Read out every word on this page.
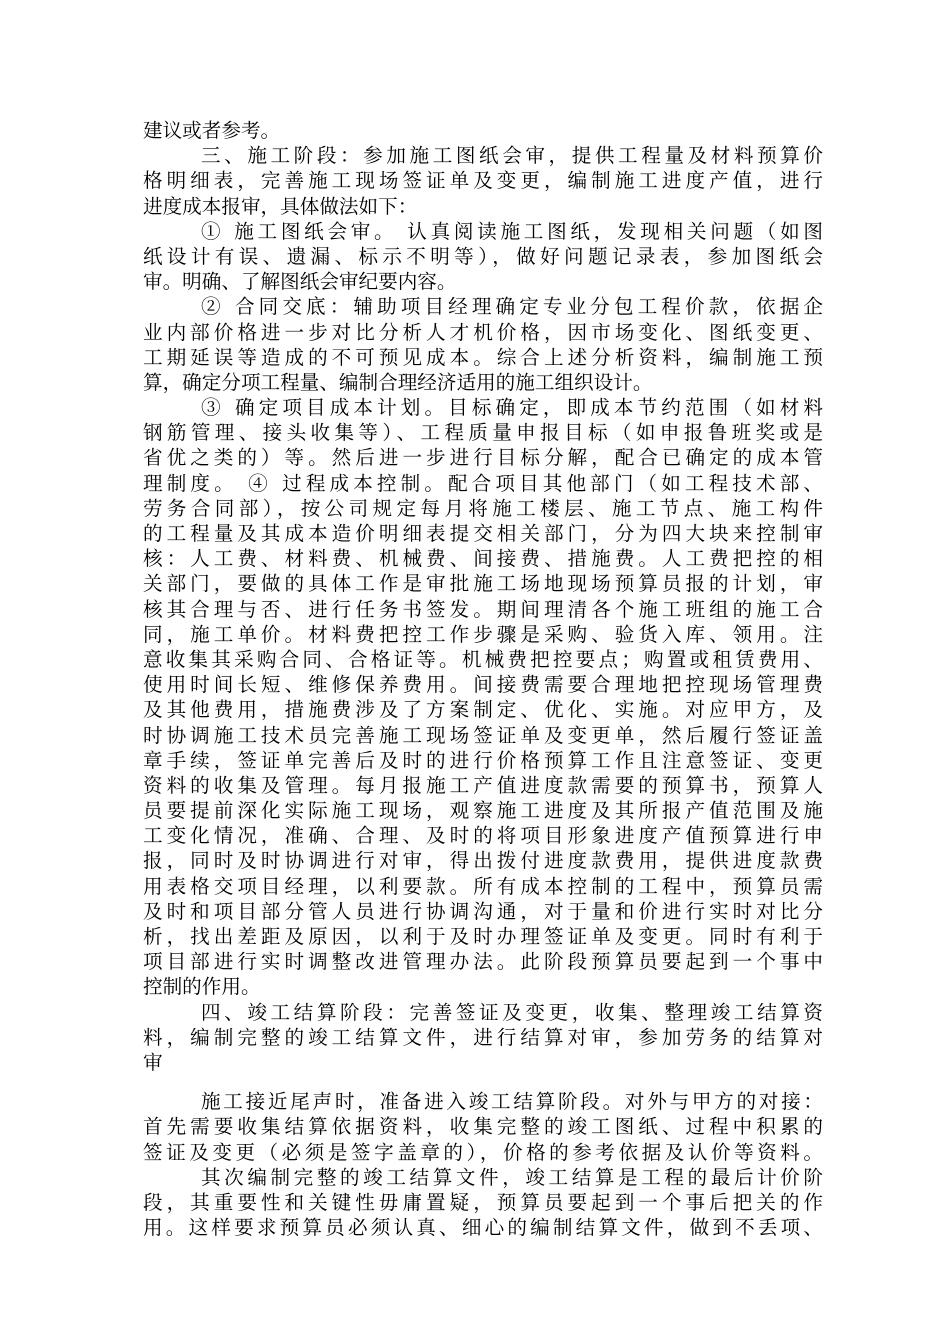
建议或者参考。
三、施工阶段：参加施工图纸会审，提供工程量及材料预算价
格明细表，完善施工现场签证单及变更，编制施工进度产值，进行
进度成本报审，具体做法如下：
① 施工图纸会审。 认真阅读施工图纸，发现相关问题（如图
纸设计有误、遗漏、标示不明等），做好问题记录表，参加图纸会
审。明确、了解图纸会审纪要内容。
② 合同交底：辅助项目经理确定专业分包工程价款，依据企
业内部价格进一步对比分析人才机价格，因市场变化、图纸变更、
工期延误等造成的不可预见成本。综合上述分析资料，编制施工预
算，确定分项工程量、编制合理经济适用的施工组织设计。
③ 确定项目成本计划。目标确定，即成本节约范围（如材料
钢筋管理、接头收集等）、工程质量申报目标（如申报鲁班奖或是
省优之类的）等。然后进一步进行目标分解，配合已确定的成本管
理制度。 ④ 过程成本控制。配合项目其他部门（如工程技术部、
劳务合同部），按公司规定每月将施工楼层、施工节点、施工构件
的工程量及其成本造价明细表提交相关部门，分为四大块来控制审
核：人工费、材料费、机械费、间接费、措施费。人工费把控的相
关部门，要做的具体工作是审批施工场地现场预算员报的计划，审
核其合理与否、进行任务书签发。期间理清各个施工班组的施工合
同，施工单价。材料费把控工作步骤是采购、验货入库、领用。注
意收集其采购合同、合格证等。机械费把控要点；购置或租赁费用、
使用时间长短、维修保养费用。间接费需要合理地把控现场管理费
及其他费用，措施费涉及了方案制定、优化、实施。对应甲方，及
时协调施工技术员完善施工现场签证单及变更单，然后履行签证盖
章手续，签证单完善后及时的进行价格预算工作且注意签证、变更
资料的收集及管理。每月报施工产值进度款需要的预算书，预算人
员要提前深化实际施工现场，观察施工进度及其所报产值范围及施
工变化情况，准确、合理、及时的将项目形象进度产值预算进行申
报，同时及时协调进行对审，得出拨付进度款费用，提供进度款费
用表格交项目经理，以利要款。所有成本控制的工程中，预算员需
及时和项目部分管人员进行协调沟通，对于量和价进行实时对比分
析，找出差距及原因，以利于及时办理签证单及变更。同时有利于
项目部进行实时调整改进管理办法。此阶段预算员要起到一个事中
控制的作用。
四、竣工结算阶段：完善签证及变更，收集、整理竣工结算资
料，编制完整的竣工结算文件，进行结算对审，参加劳务的结算对
审
施工接近尾声时，准备进入竣工结算阶段。对外与甲方的对接：
首先需要收集结算依据资料，收集完整的竣工图纸、过程中积累的
签证及变更（必须是签字盖章的），价格的参考依据及认价等资料。
其次编制完整的竣工结算文件，竣工结算是工程的最后计价阶
段，其重要性和关键性毋庸置疑，预算员要起到一个事后把关的作
用。这样要求预算员必须认真、细心的编制结算文件，做到不丢项、
